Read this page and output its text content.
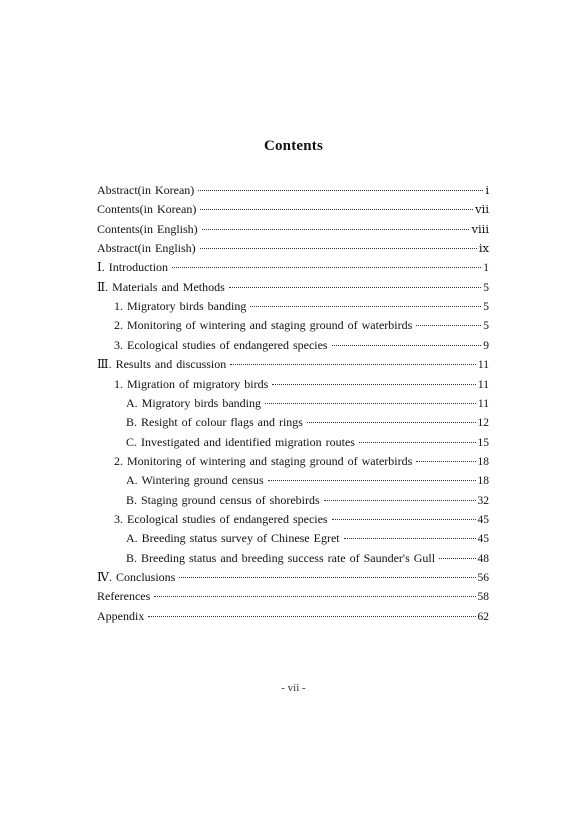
Contents
Abstract(in Korean)	ⅰ
Contents(in Korean)	ⅶ
Contents(in English)	ⅷ
Abstract(in English)	ⅸ
Ⅰ. Introduction	1
Ⅱ. Materials and Methods	5
1. Migratory birds banding	5
2. Monitoring of wintering and staging ground of waterbirds	5
3. Ecological studies of endangered species	9
Ⅲ. Results and discussion	11
1. Migration of migratory birds	11
A. Migratory birds banding	11
B. Resight of colour flags and rings	12
C. Investigated and identified migration routes	15
2. Monitoring of wintering and staging ground of waterbirds	18
A. Wintering ground census	18
B. Staging ground census of shorebirds	32
3. Ecological studies of endangered species	45
A. Breeding status survey of Chinese Egret	45
B. Breeding status and breeding success rate of Saunder's Gull	48
Ⅳ. Conclusions	56
References	58
Appendix	62
- vii -
